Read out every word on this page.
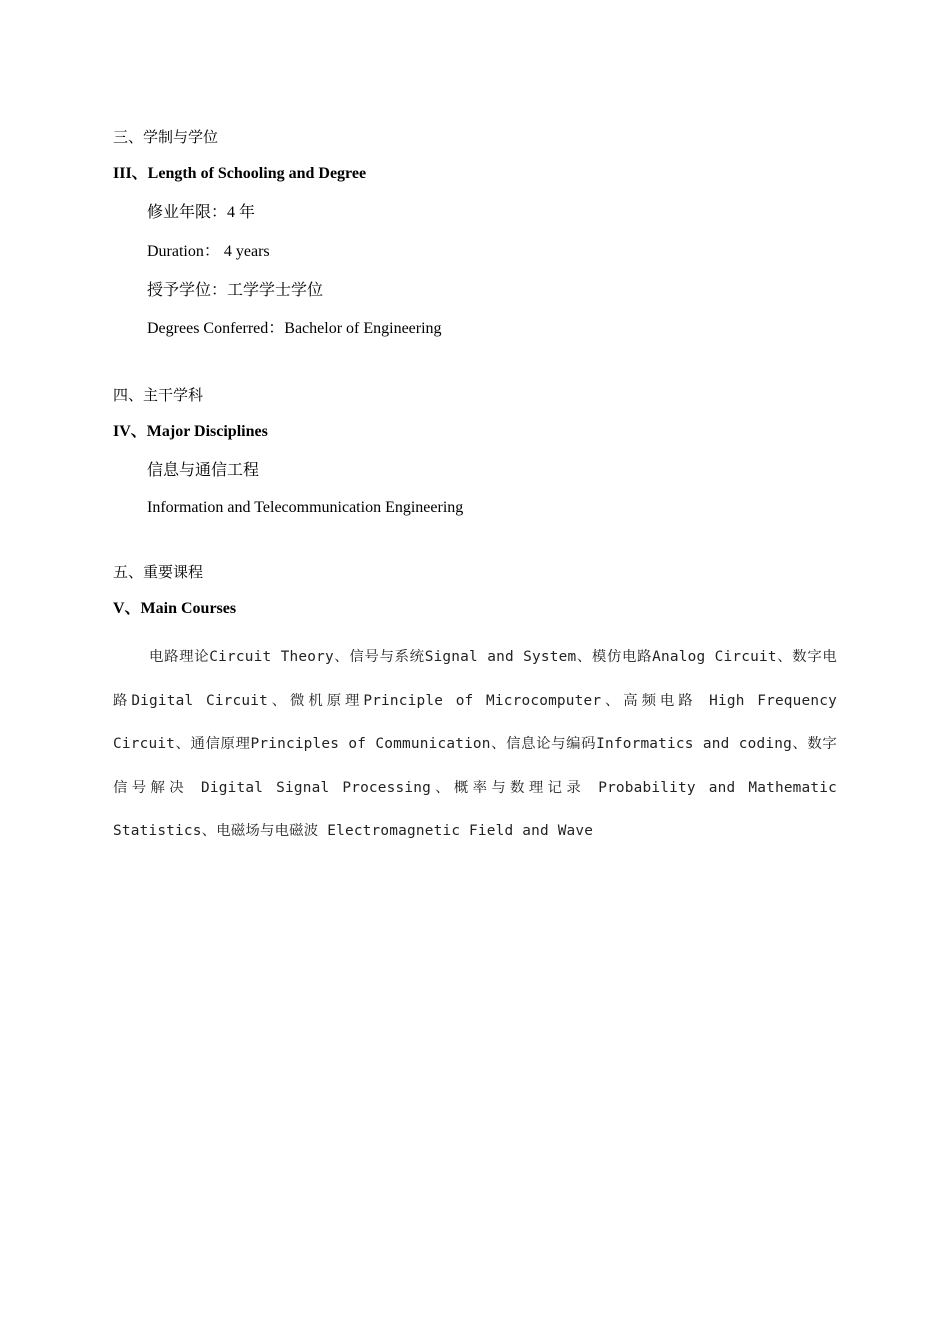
三、学制与学位
III、Length of Schooling and Degree
修业年限：4 年
Duration： 4 years
授予学位：工学学士学位
Degrees Conferred：Bachelor of Engineering
四、主干学科
IV、Major Disciplines
信息与通信工程
Information and Telecommunication Engineering
五、重要课程
V、Main Courses
电路理论Circuit Theory、信号与系统Signal and System、模仿电路Analog Circuit、数字电路Digital Circuit、微机原理Principle of Microcomputer、高频电路 High Frequency Circuit、通信原理Principles of Communication、信息论与编码Informatics and coding、数字信号解决 Digital Signal Processing、概率与数理记录 Probability and Mathematic Statistics、电磁场与电磁波 Electromagnetic Field and Wave
